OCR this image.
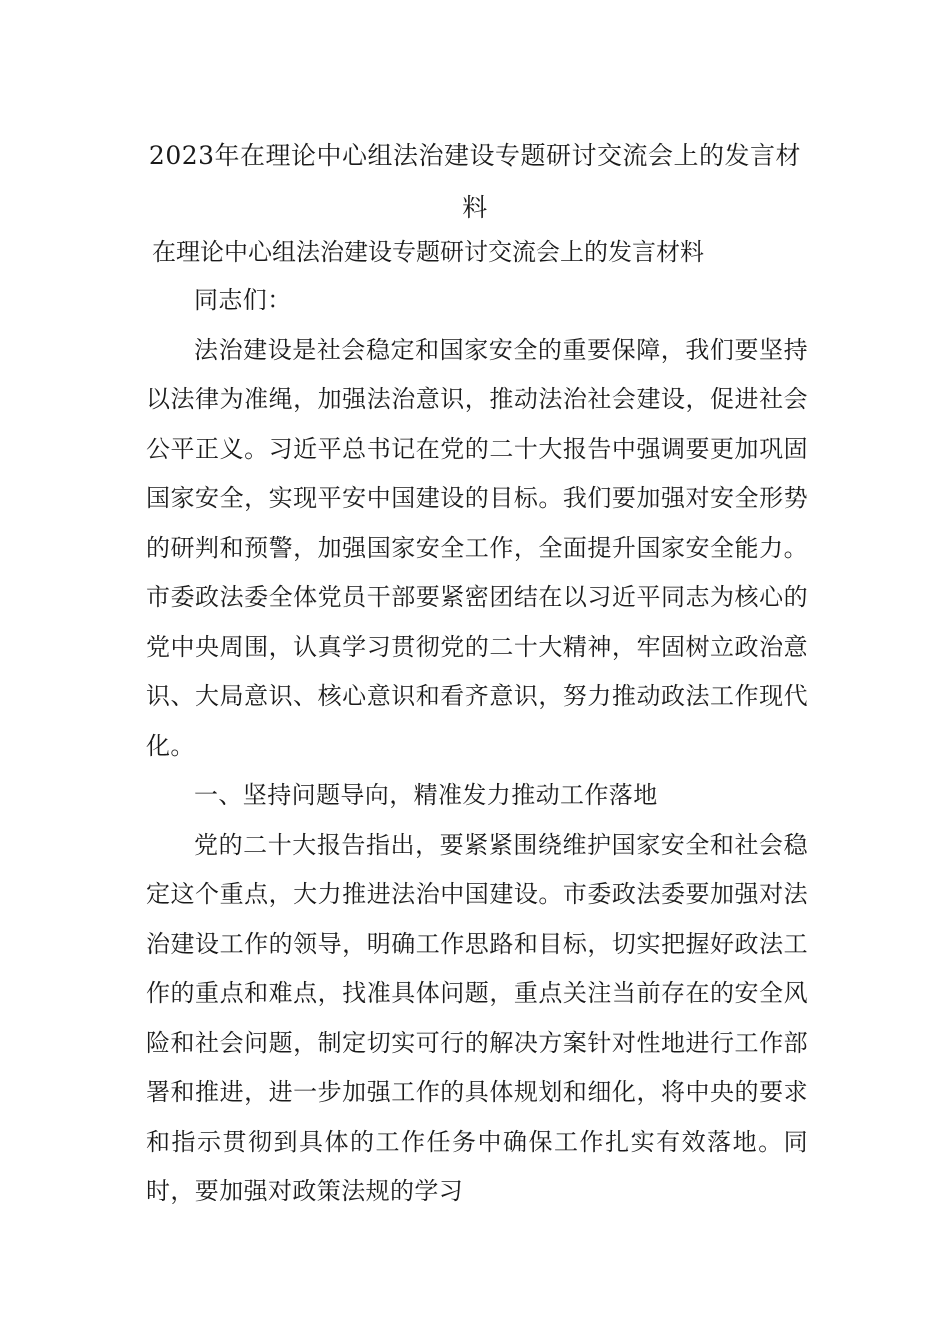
2023年在理论中心组法治建设专题研讨交流会上的发言材料

在理论中心组法治建设专题研讨交流会上的发言材料

同志们：

法治建设是社会稳定和国家安全的重要保障，我们要坚持以法律为准绳，加强法治意识，推动法治社会建设，促进社会公平正义。习近平总书记在党的二十大报告中强调要更加巩固国家安全，实现平安中国建设的目标。我们要加强对安全形势的研判和预警，加强国家安全工作，全面提升国家安全能力。市委政法委全体党员干部要紧密团结在以习近平同志为核心的党中央周围，认真学习贯彻党的二十大精神，牢固树立政治意识、大局意识、核心意识和看齐意识，努力推动政法工作现代化。

一、坚持问题导向，精准发力推动工作落地

党的二十大报告指出，要紧紧围绕维护国家安全和社会稳定这个重点，大力推进法治中国建设。市委政法委要加强对法治建设工作的领导，明确工作思路和目标，切实把握好政法工作的重点和难点，找准具体问题，重点关注当前存在的安全风险和社会问题，制定切实可行的解决方案针对性地进行工作部署和推进，进一步加强工作的具体规划和细化，将中央的要求和指示贯彻到具体的工作任务中确保工作扎实有效落地。同时，要加强对政策法规的学习
